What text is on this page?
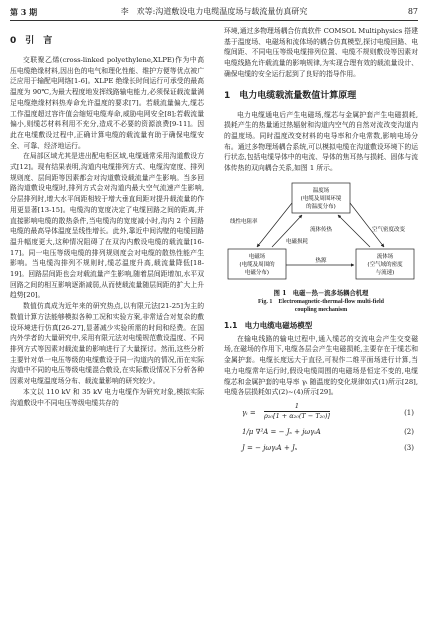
第 3 期	李　欢等:沟道敷设电力电缆温度场与载流量仿真研究	87
0　引　言

交联聚乙烯(cross-linked polyethylene,XLPE)作为中高压电缆绝缘材料,因出色的电气和理化性能、维护方便等优点被广泛应用于输配电网络[1-6]。XLPE 绝缘长时间运行可承受的最高温度为 90℃,为最大程度地发挥线路输电能力,必须保证载流量满足电缆绝缘材料热寿命允许温度的要求[7]。若载流量偏大,缆芯工作温度超过容许值会缩短电缆寿命,威胁电网安全[8];若载流量偏小,则缆芯材料利用不充分,造成不必要的资源浪费[9-11]。因此在电缆敷设过程中,正确计算电缆的载流量有助于确保电缆安全、可靠、经济地运行。

在局部区域尤其是进出配电柜区域,电缆通常采用沟道敷设方式[12]。现有结果表明,沟道内电缆排列方式、电缆沟宽度、排列规则度、层间距等因素都会对沟道敷设载流量产生影响。当多回路沟道敷设电缆时,排列方式会对沟道内最大空气流速产生影响,分层排列时,增大水平间距相较于增大垂直间距对提升载流量的作用更显著[13-15]。电缆沟的宽度决定了电缆回路之间的距离,并直接影响电缆的散热条件,当电缆沟的宽度减小时,沟内 2 个回路电缆的最高导体温度呈线性增长。此外,靠近中间沟壁的电缆回路温升幅度更大,这种情况阻碍了在双沟内敷设电缆的载流量[16-17]。同一电压等级电缆的排列规则度会对电缆的散热性能产生影响。当电缆沟排列不规则时,缆芯温度升高,载流量降低[18-19]。回路层间距也会对载流量产生影响,随着层间距增加,水平双回路之间的相互影响逐渐减弱,从而使载流量随层间距的扩大上升趋势[20]。

数值仿真成为近年来的研究热点,以有限元法[21-25]为主的数值计算方法能够模拟各种工况和实验方案,非常适合对复杂的敷设环境进行仿真[26-27],显著减少实验所需的时间和经费。在国内外学者的大量研究中,采用有限元法对电缆规范敷设温度、不同排列方式等因素对载流量的影响进行了大量探讨。然而,这些分析主要针对单一电压等级的电缆敷设于同一沟道内的情况,而在实际沟道中不同的电压等级电缆混合敷设,在实际敷设情况下分析各种因素对电缆温度场分布、载流量影响的研究较少。

本文以 110 kV 和 35 kV 电力电缆作为研究对象,模拟实际沟道敷设中不同电压等级电缆共存的

环境,通过多物理场耦合仿真软件 COMSOL Multiphysics 搭建基于温度场、电磁场和流体场的耦合仿真模型,探讨电缆回路、电缆间距、不同电压等级电缆排列位置、电缆不规则敷设等因素对电缆线路允许载流量的影响规律,为实现合理有效的载流量设计、确保电缆的安全运行起到了良好的指导作用。

1　电力电缆载流量数值计算原理

电力电缆通电后产生电磁场,缆芯与金属护套产生电磁损耗,损耗产生的热量通过热辐射和沟道内空气的自然对流改变沟道内的温度场。同时温度改变材料的电导率和介电常数,影响电场分布。通过多物理场耦合系统,可以模拟电缆在沟道敷设环境下的运行状态,包括电缆导体中的电流、导体的焦耳热与损耗、固体与流体传热的双向耦合关系,如图 1 所示。

温度场
(电缆及周围环境
的温度分布)
电磁场
(电缆及周围的
电磁分布)
流体场
(空气域的密度
与流速)
线性电阻率
流体传热
电磁损耗
空气密度改变
热源
图 1　电磁－热－流多场耦合机理
Fig. 1　Electromagnetic-thermal-flow multi-field
coupling mechanism
1.1　电力电缆电磁场模型

在输电线路的输电过程中,通入缆芯的交流电会产生交变磁场,在磁场的作用下,电缆各层会产生电磁损耗,主要存在于缆芯和金属护套。电缆长度远大于直径,可视作二维平面场进行计算,当电力电缆常年运行时,假设电缆周围的电磁场是恒定不变的,电缆缆芯和金属护套的电导率 γᵢ 随温度的变化规律如式(1)所示[28],电缆各层损耗如式(2)~(4)所示[29]。

γᵢ = $\frac{1}{\text{ρ₂₀[1 + α₂₀(T − T₂₀)]}}$	(1)
1/μ ∇²A = − Jₛ + jωγᵢA	(2)
J = − jωγᵢA + Jₛ	(3)
